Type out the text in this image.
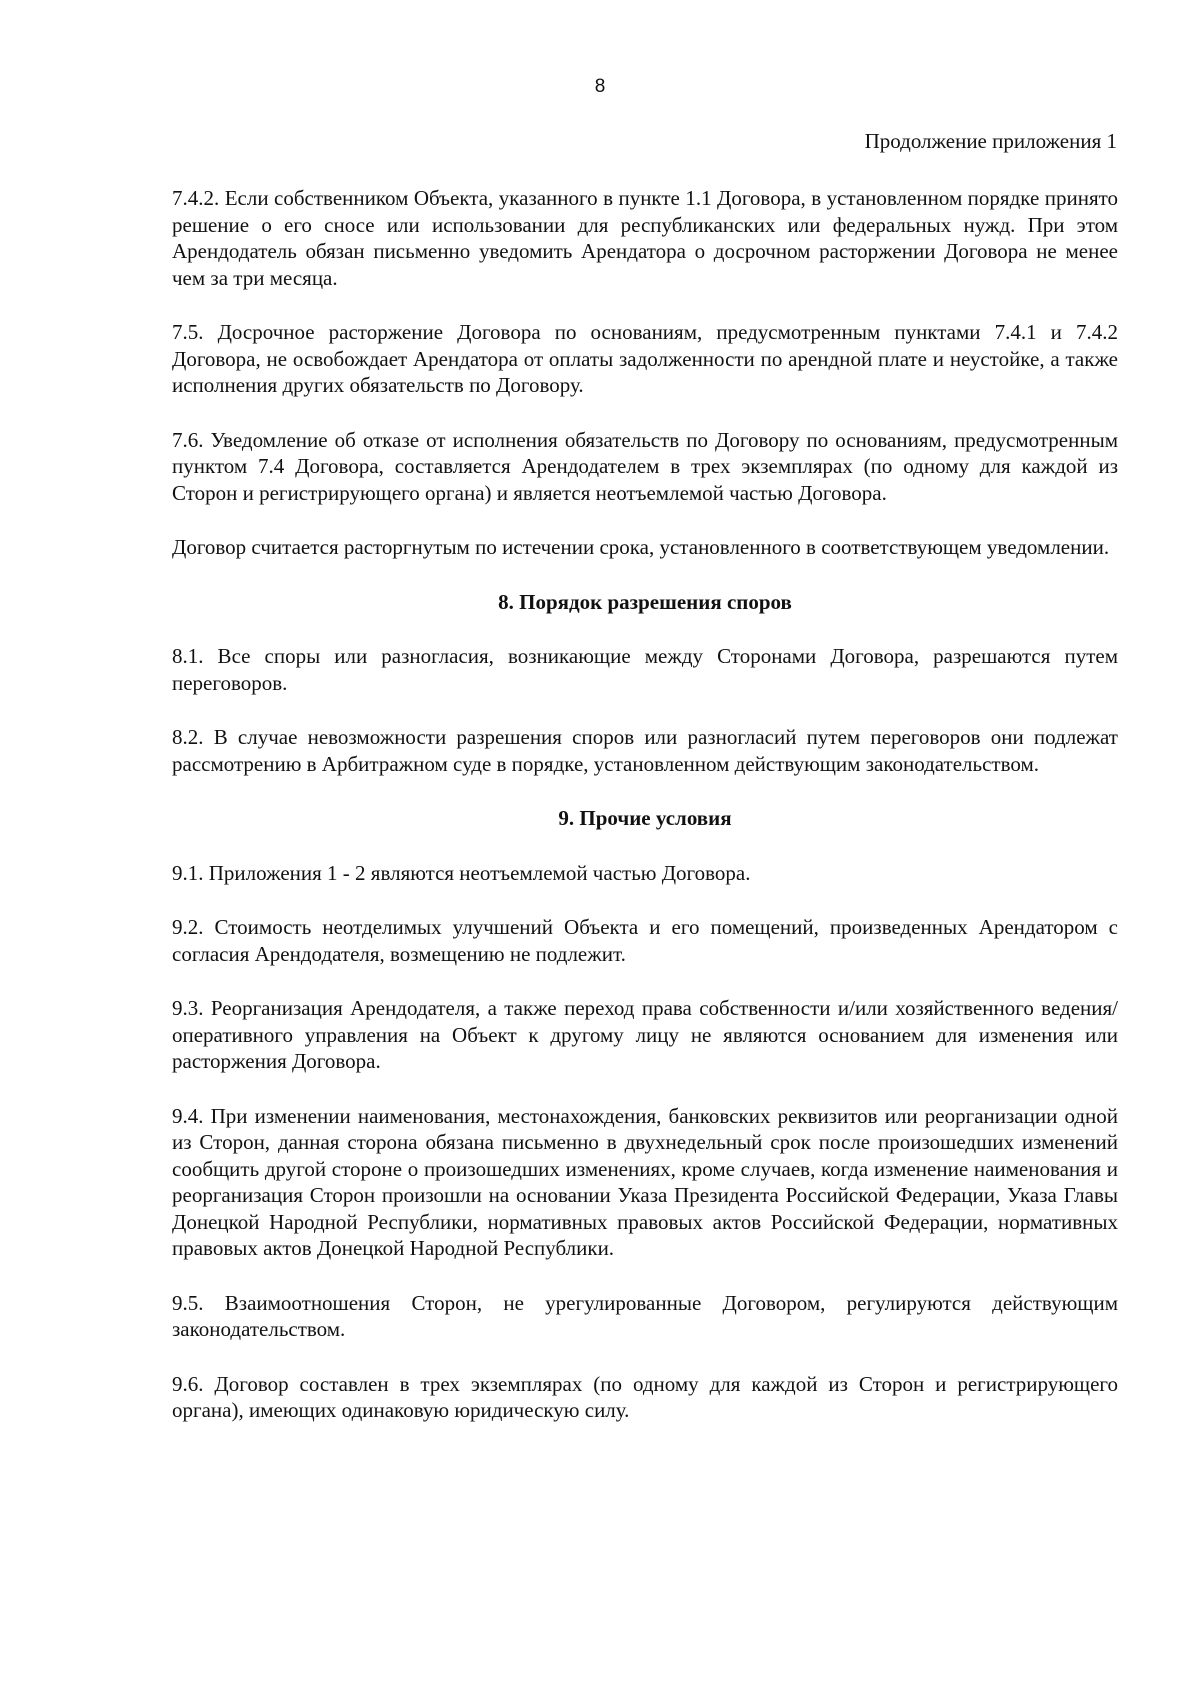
8
Продолжение приложения 1

7.4.2. Если собственником Объекта, указанного в пункте 1.1 Договора, в установленном порядке принято решение о его сносе или использовании для республиканских или федеральных нужд. При этом Арендодатель обязан письменно уведомить Арендатора о досрочном расторжении Договора не менее чем за три месяца.

7.5. Досрочное расторжение Договора по основаниям, предусмотренным пунктами 7.4.1 и 7.4.2 Договора, не освобождает Арендатора от оплаты задолженности по арендной плате и неустойке, а также исполнения других обязательств по Договору.

7.6. Уведомление об отказе от исполнения обязательств по Договору по основаниям, предусмотренным пунктом 7.4 Договора, составляется Арендодателем в трех экземплярах (по одному для каждой из Сторон и регистрирующего органа) и является неотъемлемой частью Договора.

Договор считается расторгнутым по истечении срока, установленного в соответствующем уведомлении.

8. Порядок разрешения споров

8.1. Все споры или разногласия, возникающие между Сторонами Договора, разрешаются путем переговоров.

8.2. В случае невозможности разрешения споров или разногласий путем переговоров они подлежат рассмотрению в Арбитражном суде в порядке, установленном действующим законодательством.

9. Прочие условия

9.1. Приложения 1 - 2 являются неотъемлемой частью Договора.

9.2. Стоимость неотделимых улучшений Объекта и его помещений, произведенных Арендатором с согласия Арендодателя, возмещению не подлежит.

9.3. Реорганизация Арендодателя, а также переход права собственности и/или хозяйственного ведения/оперативного управления на Объект к другому лицу не являются основанием для изменения или расторжения Договора.

9.4. При изменении наименования, местонахождения, банковских реквизитов или реорганизации одной из Сторон, данная сторона обязана письменно в двухнедельный срок после произошедших изменений сообщить другой стороне о произошедших изменениях, кроме случаев, когда изменение наименования и реорганизация Сторон произошли на основании Указа Президента Российской Федерации, Указа Главы Донецкой Народной Республики, нормативных правовых актов Российской Федерации, нормативных правовых актов Донецкой Народной Республики.

9.5. Взаимоотношения Сторон, не урегулированные Договором, регулируются действующим законодательством.

9.6. Договор составлен в трех экземплярах (по одному для каждой из Сторон и регистрирующего органа), имеющих одинаковую юридическую силу.
